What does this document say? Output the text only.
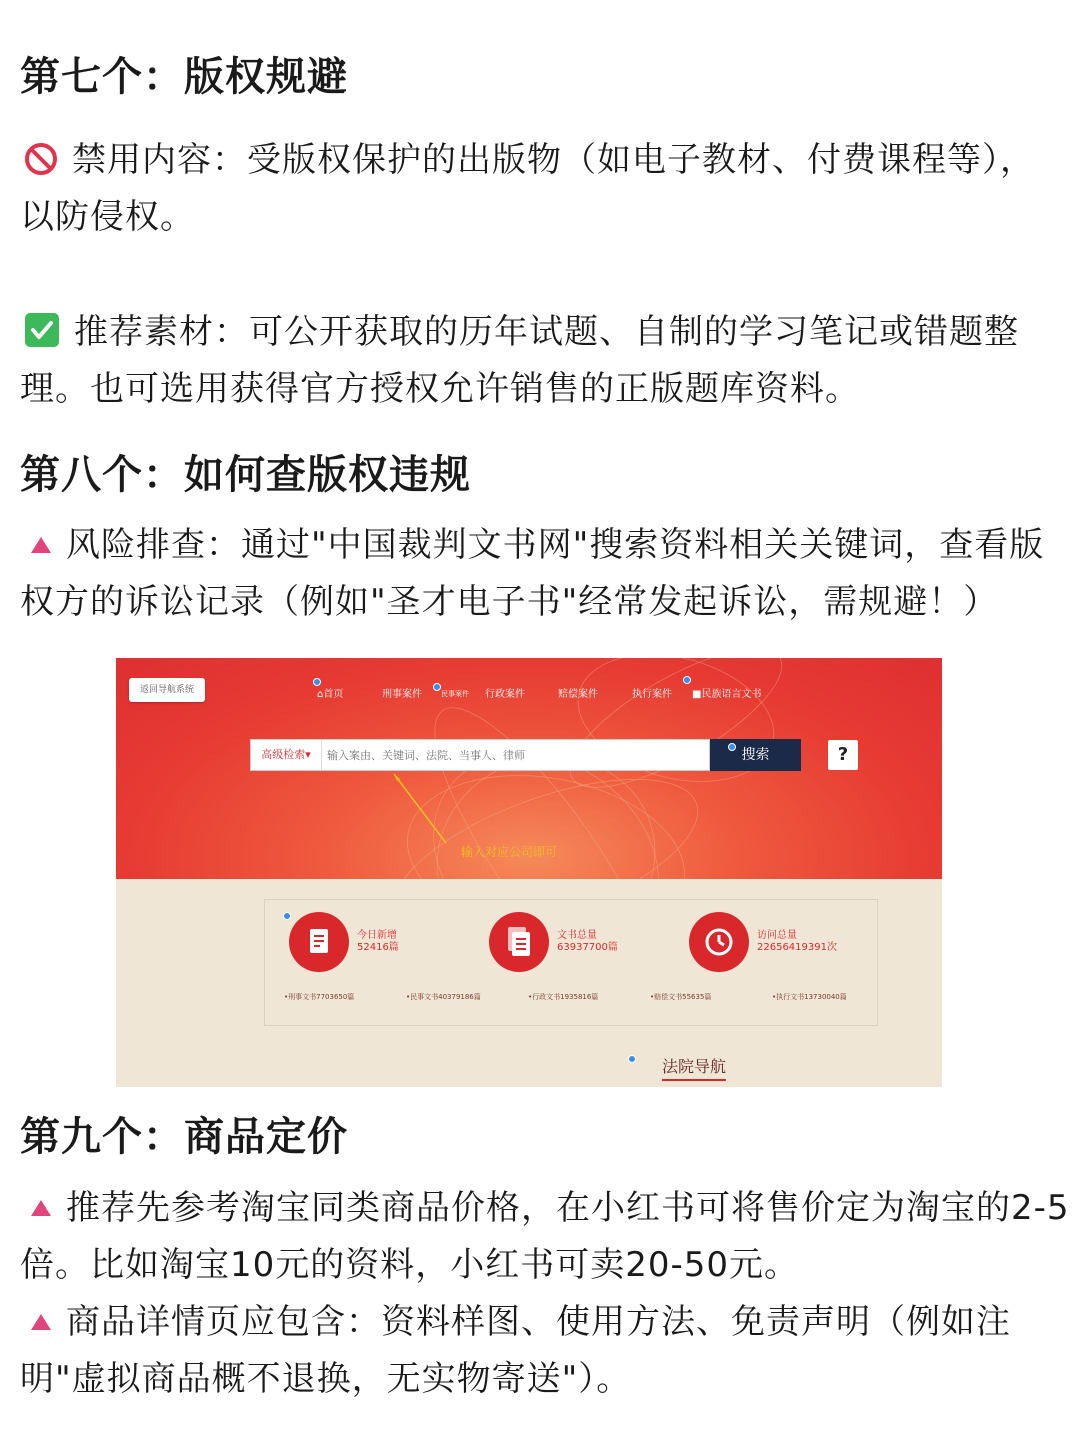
第七个：版权规避

禁用内容：受版权保护的出版物（如电子教材、付费课程等），以防侵权。

推荐素材：可公开获取的历年试题、自制的学习笔记或错题整理。也可选用获得官方授权允许销售的正版题库资料。

第八个：如何查版权违规

风险排查：通过"中国裁判文书网"搜索资料相关关键词，查看版权方的诉讼记录（例如"圣才电子书"经常发起诉讼，需规避！）

返回导航系统	⌂首页	刑事案件	民事案件 行政案件	赔偿案件	执行案件 ■民族语言文书
高级检索▾
输入案由、关键词、法院、当事人、律师	搜索	?
输入对应公司即可
今日新增
52416篇
文书总量
63937700篇
访问总量
22656419391次
•刑事文书7703650篇	•民事文书40379186篇	•行政文书1935816篇	•赔偿文书55635篇	•执行文书13730040篇
法院导航
第九个：商品定价

推荐先参考淘宝同类商品价格，在小红书可将售价定为淘宝的2-5倍。比如淘宝10元的资料，小红书可卖20-50元。

商品详情页应包含：资料样图、使用方法、免责声明（例如注明"虚拟商品概不退换，无实物寄送"）。
